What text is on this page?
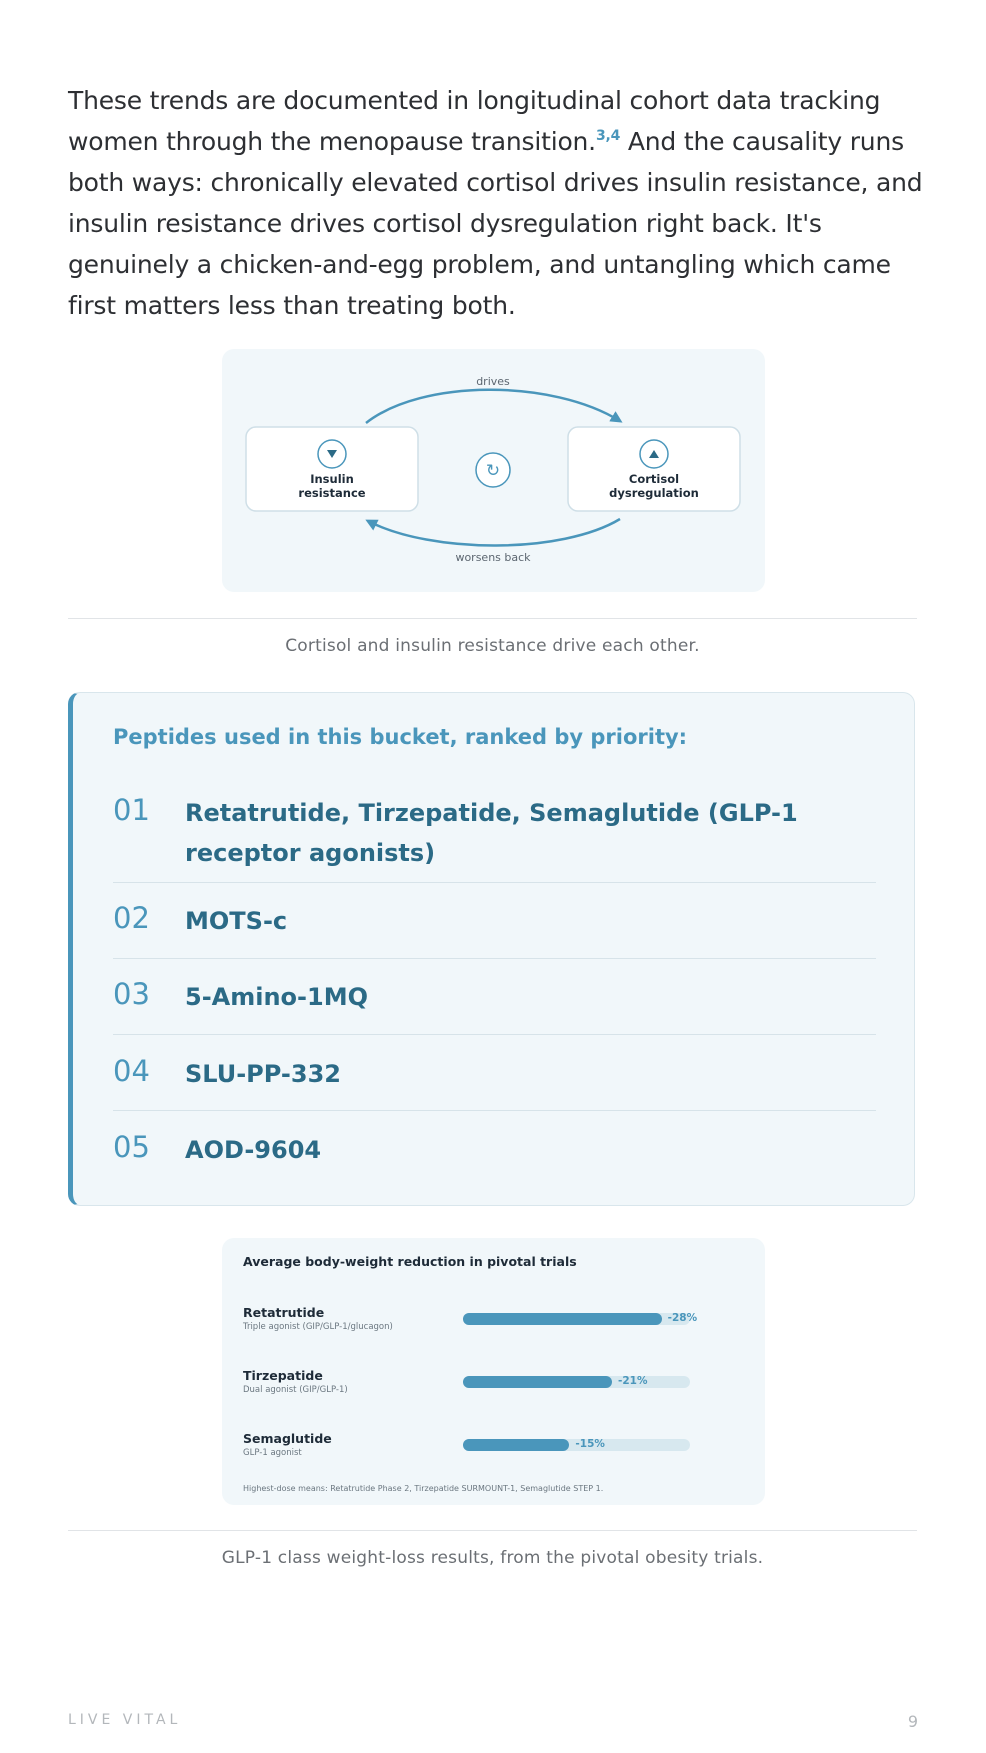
These trends are documented in longitudinal cohort data tracking women through the menopause transition.$^{3,4}$ And the causality runs both ways: chronically elevated cortisol drives insulin resistance, and insulin resistance drives cortisol dysregulation right back. It's genuinely a chicken-and-egg problem, and untangling which came first matters less than treating both.

drives
worsens back
Insulin
resistance
Cortisol
dysregulation
↻
Cortisol and insulin resistance drive each other.
Peptides used in this bucket, ranked by priority:
01 Retatrutide, Tirzepatide, Semaglutide (GLP-1 receptor agonists)
02 MOTS-c
03 5-Amino-1MQ
04 SLU-PP-332
05 AOD-9604
Average body-weight reduction in pivotal trials
Retatrutide
Triple agonist (GIP/GLP-1/glucagon)
-28%
Tirzepatide
Dual agonist (GIP/GLP-1)
-21%
Semaglutide
GLP-1 agonist
-15%
Highest-dose means: Retatrutide Phase 2, Tirzepatide SURMOUNT-1, Semaglutide STEP 1.
GLP-1 class weight-loss results, from the pivotal obesity trials.
LIVE VITAL	9
